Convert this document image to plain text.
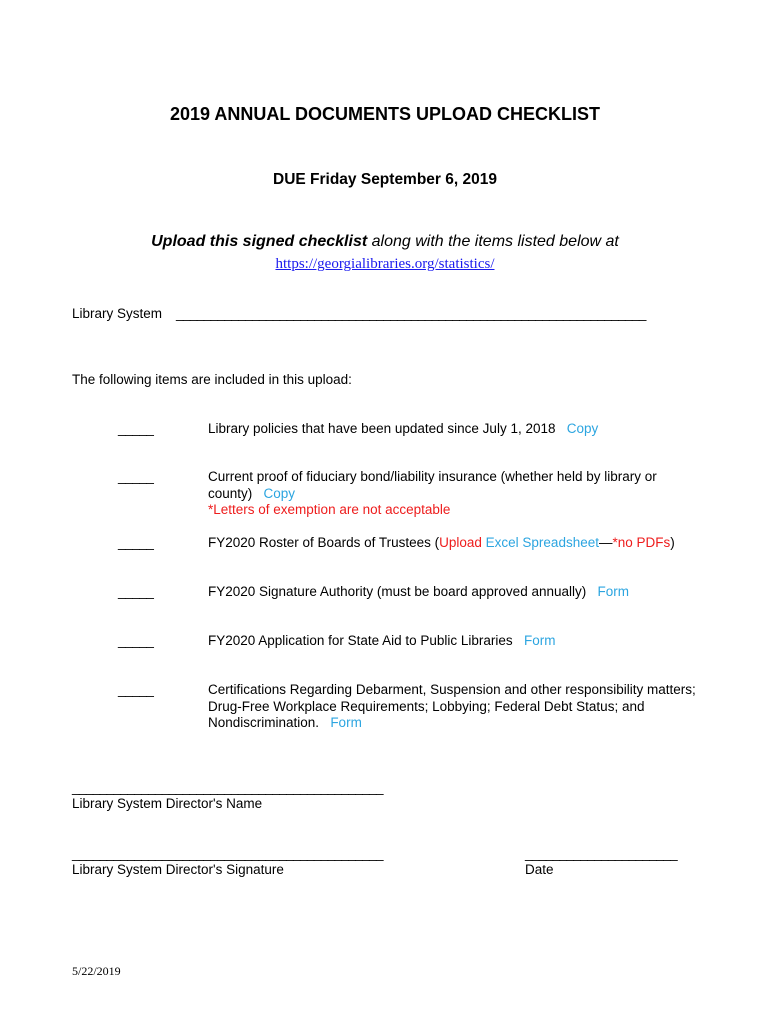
2019 ANNUAL DOCUMENTS UPLOAD CHECKLIST
DUE Friday September 6, 2019
Upload this signed checklist along with the items listed below at
https://georgialibraries.org/statistics/
Library System ____________________________________________________________________
The following items are included in this upload:
_____	Library policies that have been updated since July 1, 2018 Copy
_____	Current proof of fiduciary bond/liability insurance (whether held by library or county) Copy
*Letters of exemption are not acceptable
_____	FY2020 Roster of Boards of Trustees (Upload Excel Spreadsheet—*no PDFs)
_____	FY2020 Signature Authority (must be board approved annually) Form
_____	FY2020 Application for State Aid to Public Libraries Form
_____	Certifications Regarding Debarment, Suspension and other responsibility matters; Drug-Free Workplace Requirements; Lobbying; Federal Debt Status; and Nondiscrimination. Form
_____________________________________________
Library System Director's Name
_____________________________________________
Library System Director's Signature
______________________
Date
5/22/2019
